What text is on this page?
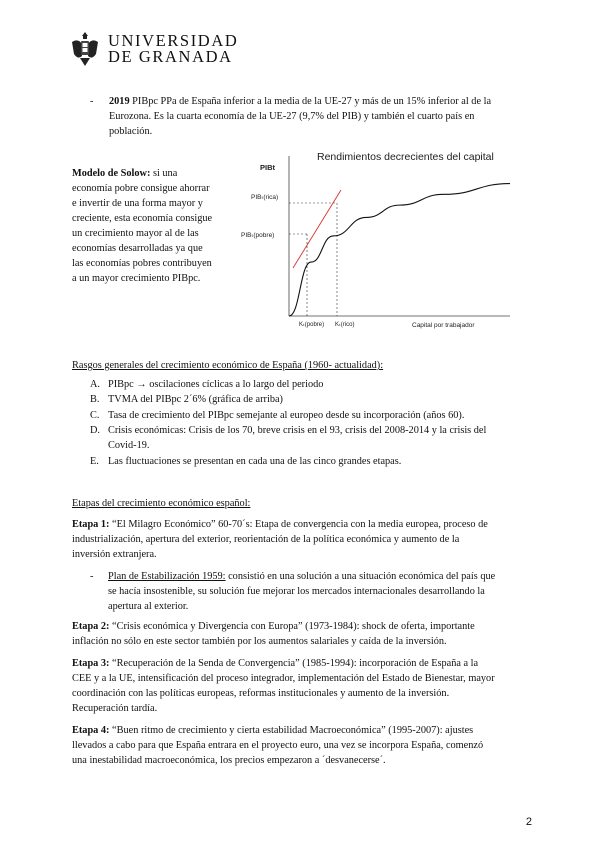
UNIVERSIDAD
DE GRANADA
- 2019 PIBpc PPa de España inferior a la media de la UE-27 y más de un 15% inferior al de la
Eurozona. Es la cuarta economía de la UE-27 (9,7% del PIB) y también el cuarto país en
población.
Modelo de Solow: si una
economía pobre consigue ahorrar
e invertir de una forma mayor y
creciente, esta economía consigue
un crecimiento mayor al de las
economías desarrolladas ya que
las economías pobres contribuyen
a un mayor crecimiento PIBpc.
Rendimientos decrecientes del capital
PIBt
Capital por trabajador
PIBₜ(rica)
PIBₜ(pobre)
Kₜ(pobre) Kₜ(rico)
Rasgos generales del crecimiento económico de España (1960- actualidad):
A. PIBpc → oscilaciones cíclicas a lo largo del periodo
B. TVMA del PIBpc 2´6% (gráfica de arriba)
C. Tasa de crecimiento del PIBpc semejante al europeo desde su incorporación (años 60).
D. Crisis económicas: Crisis de los 70, breve crisis en el 93, crisis del 2008-2014 y la crisis del
Covid-19.
E. Las fluctuaciones se presentan en cada una de las cinco grandes etapas.
Etapas del crecimiento económico español:
Etapa 1: “El Milagro Económico” 60-70´s: Etapa de convergencia con la media europea, proceso de
industrialización, apertura del exterior, reorientación de la política económica y aumento de la
inversión extranjera.
- Plan de Estabilización 1959: consistió en una solución a una situación económica del país que
se hacía insostenible, su solución fue mejorar los mercados internacionales desarrollando la
apertura al exterior.
Etapa 2: “Crisis económica y Divergencia con Europa” (1973-1984): shock de oferta, importante
inflación no sólo en este sector también por los aumentos salariales y caída de la inversión.
Etapa 3: “Recuperación de la Senda de Convergencia” (1985-1994): incorporación de España a la
CEE y a la UE, intensificación del proceso integrador, implementación del Estado de Bienestar, mayor
coordinación con las políticas europeas, reformas institucionales y aumento de la inversión.
Recuperación tardía.
Etapa 4: “Buen ritmo de crecimiento y cierta estabilidad Macroeconómica” (1995-2007): ajustes
llevados a cabo para que España entrara en el proyecto euro, una vez se incorpora España, comenzó
una inestabilidad macroeconómica, los precios empezaron a ´desvanecerse´.
2
